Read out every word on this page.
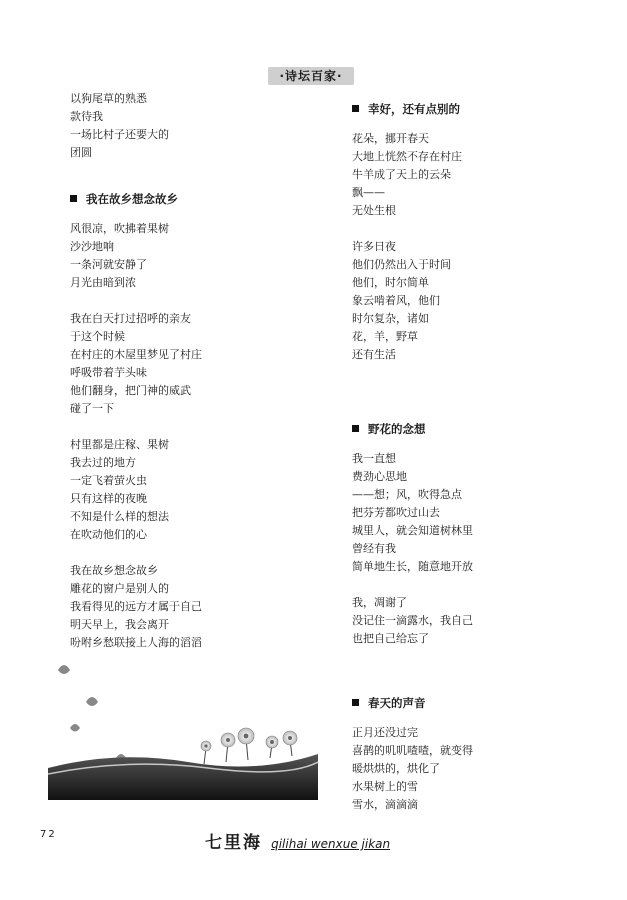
·诗坛百家·
以狗尾草的熟悉
款待我
一场比村子还要大的
团圆
我在故乡想念故乡
风很凉，吹拂着果树
沙沙地响
一条河就安静了
月光由暗到浓
我在白天打过招呼的亲友
于这个时候
在村庄的木屋里梦见了村庄
呼吸带着芋头味
他们翻身，把门神的威武
碰了一下
村里都是庄稼、果树
我去过的地方
一定飞着萤火虫
只有这样的夜晚
不知是什么样的想法
在吹动他们的心
我在故乡想念故乡
雕花的窗户是别人的
我看得见的远方才属于自己
明天早上，我会离开
吩咐乡愁联接上人海的滔滔
幸好，还有点别的
花朵，挪开春天
大地上恍然不存在村庄
牛羊成了天上的云朵
飘——
无处生根
许多日夜
他们仍然出入于时间
他们，时尔简单
象云啃着风，他们
时尔复杂，诸如
花，羊，野草
还有生活
野花的念想
我一直想
费劲心思地
——想；风，吹得急点
把芬芳都吹过山去
城里人，就会知道树林里
曾经有我
简单地生长，随意地开放
我，凋谢了
没记住一滴露水，我自己
也把自己给忘了
春天的声音
正月还没过完
喜鹊的叽叽喳喳，就变得
暖烘烘的，烘化了
水果树上的雪
雪水，滴滴滴
72	七里海 qilihai wenxue jikan
